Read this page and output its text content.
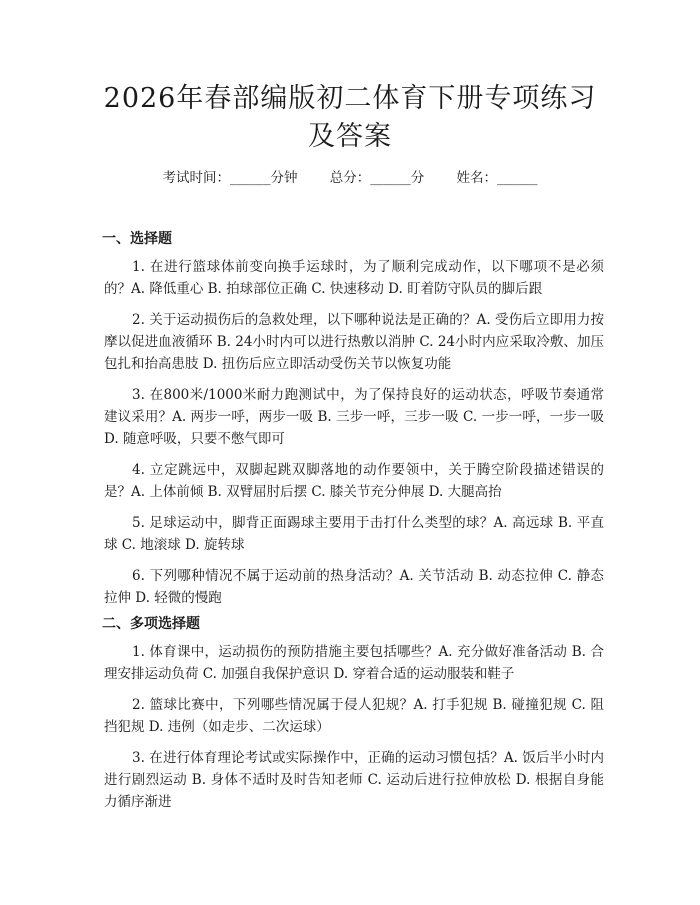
2026年春部编版初二体育下册专项练习及答案
考试时间：______分钟 总分：______分 姓名：______

一、选择题

1. 在进行篮球体前变向换手运球时，为了顺利完成动作，以下哪项不是必须的？A. 降低重心 B. 拍球部位正确 C. 快速移动 D. 盯着防守队员的脚后跟

2. 关于运动损伤后的急救处理，以下哪种说法是正确的？A. 受伤后立即用力按摩以促进血液循环 B. 24小时内可以进行热敷以消肿 C. 24小时内应采取冷敷、加压包扎和抬高患肢 D. 扭伤后应立即活动受伤关节以恢复功能

3. 在800米/1000米耐力跑测试中，为了保持良好的运动状态，呼吸节奏通常建议采用？A. 两步一呼，两步一吸 B. 三步一呼，三步一吸 C. 一步一呼，一步一吸 D. 随意呼吸，只要不憋气即可

4. 立定跳远中，双脚起跳双脚落地的动作要领中，关于腾空阶段描述错误的是？A. 上体前倾 B. 双臂屈肘后摆 C. 膝关节充分伸展 D. 大腿高抬

5. 足球运动中，脚背正面踢球主要用于击打什么类型的球？A. 高远球 B. 平直球 C. 地滚球 D. 旋转球

6. 下列哪种情况不属于运动前的热身活动？A. 关节活动 B. 动态拉伸 C. 静态拉伸 D. 轻微的慢跑

二、多项选择题

1. 体育课中，运动损伤的预防措施主要包括哪些？A. 充分做好准备活动 B. 合理安排运动负荷 C. 加强自我保护意识 D. 穿着合适的运动服装和鞋子

2. 篮球比赛中，下列哪些情况属于侵人犯规？A. 打手犯规 B. 碰撞犯规 C. 阻挡犯规 D. 违例（如走步、二次运球）

3. 在进行体育理论考试或实际操作中，正确的运动习惯包括？A. 饭后半小时内进行剧烈运动 B. 身体不适时及时告知老师 C. 运动后进行拉伸放松 D. 根据自身能力循序渐进
